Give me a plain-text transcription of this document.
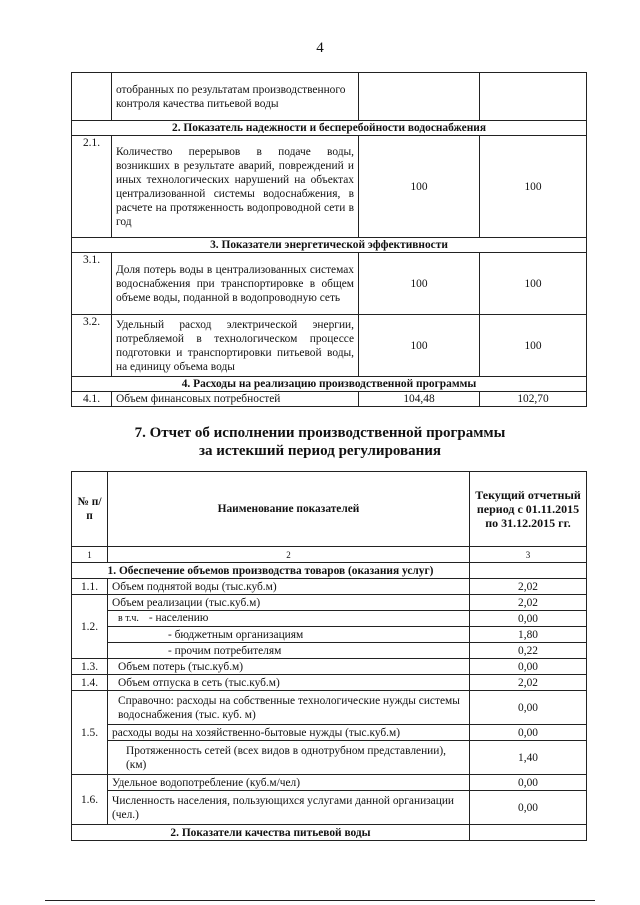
4
	отобранных по результатам производственного контроля качества питьевой воды		
2. Показатель надежности и бесперебойности водоснабжения			
2.1.	Количество перерывов в подаче воды, возникших в результате аварий, повреждений и иных технологических нарушений на объектах централизованной системы водоснабжения, в расчете на протяженность водопроводной сети в год	100	100
3. Показатели энергетической эффективности			
3.1.	Доля потерь воды в централизованных системах водоснабжения при транспортировке в общем объеме воды, поданной в водопроводную сеть	100	100
3.2.	Удельный расход электрической энергии, потребляемой в технологическом процессе подготовки и транспортировки питьевой воды, на единицу объема воды	100	100
4. Расходы на реализацию производственной программы			
4.1.	Объем финансовых потребностей	104,48	102,70
7. Отчет об исполнении производственной программы
за истекший период регулирования
№ п/п	Наименование показателей	Текущий отчетный период с 01.11.2015 по 31.12.2015 гг.
1	2	3
1. Обеспечение объемов производства товаров (оказания услуг)		
1.1.	Объем поднятой воды (тыс.куб.м)	2,02
1.2.	Объем реализации (тыс.куб.м)	2,02
	в т.ч. - населению	0,00
	- бюджетным организациям	1,80
	- прочим потребителям	0,22
1.3.	Объем потерь (тыс.куб.м)	0,00
1.4.	Объем отпуска в сеть (тыс.куб.м)	2,02
1.5.	Справочно: расходы на собственные технологические нужды системы водоснабжения (тыс. куб. м)	0,00
	расходы воды на хозяйственно-бытовые нужды (тыс.куб.м)	0,00
	Протяженность сетей (всех видов в однотрубном представлении), (км)	1,40
1.6.	Удельное водопотребление (куб.м/чел)	0,00
	Численность населения, пользующихся услугами данной организации (чел.)	0,00
2. Показатели качества питьевой воды		
